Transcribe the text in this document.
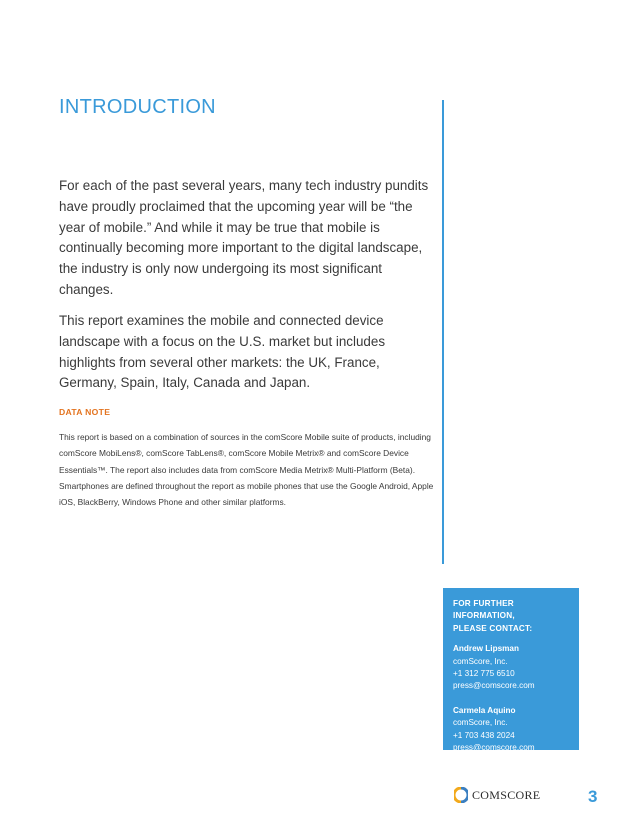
INTRODUCTION

For each of the past several years, many tech industry pundits have proudly proclaimed that the upcoming year will be “the year of mobile.” And while it may be true that mobile is continually becoming more important to the digital landscape, the industry is only now undergoing its most significant changes.

This report examines the mobile and connected device landscape with a focus on the U.S. market but includes highlights from several other markets: the UK, France, Germany, Spain, Italy, Canada and Japan.

DATA NOTE

This report is based on a combination of sources in the comScore Mobile suite of products, including comScore MobiLens®, comScore TabLens®, comScore Mobile Metrix® and comScore Device Essentials™. The report also includes data from comScore Media Metrix® Multi-Platform (Beta). Smartphones are defined throughout the report as mobile phones that use the Google Android, Apple iOS, BlackBerry, Windows Phone and other similar platforms.

FOR FURTHER INFORMATION,
PLEASE CONTACT:

Andrew Lipsman

comScore, Inc.

+1 312 775 6510

press@comscore.com

Carmela Aquino

comScore, Inc.

+1 703 438 2024

press@comscore.com

COMSCORE	3
